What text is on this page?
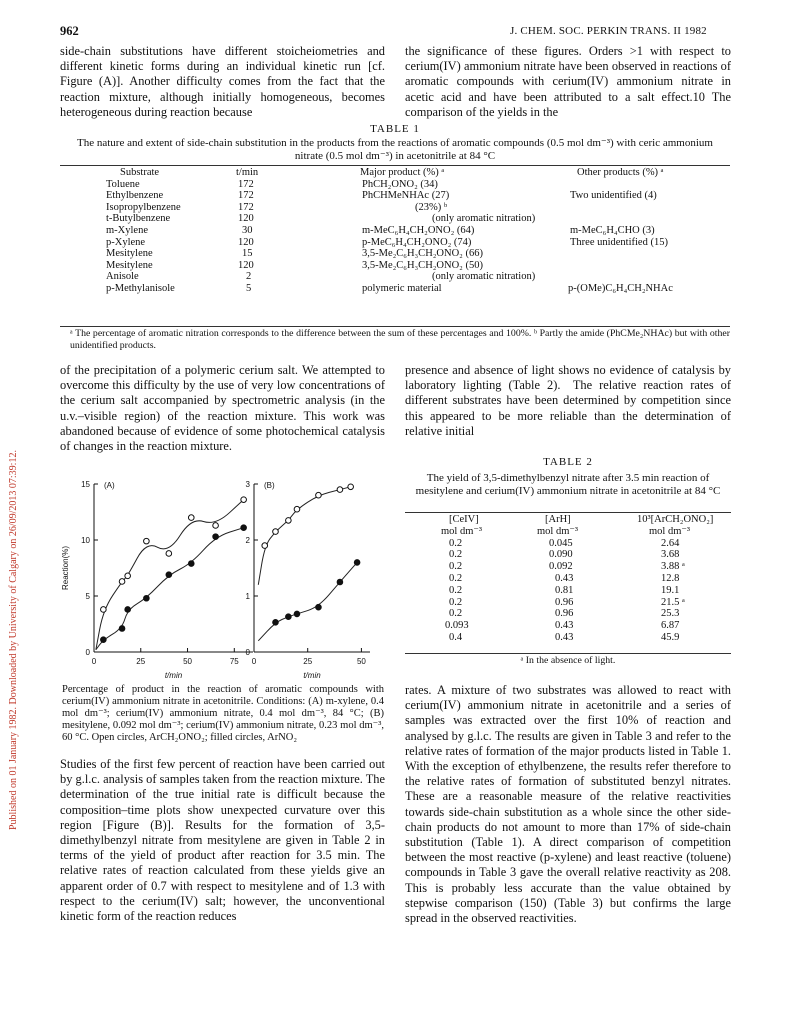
Published on 01 January 1982. Downloaded by University of Calgary on 26/09/2013 07:39:12.
962	J. CHEM. SOC. PERKIN TRANS. II 1982
side-chain substitutions have different stoicheiometries and different kinetic forms during an individual kinetic run [cf. Figure (A)]. Another difficulty comes from the fact that the reaction mixture, although initially homogeneous, becomes heterogeneous during reaction because
the significance of these figures. Orders >1 with respect to cerium(IV) ammonium nitrate have been observed in reactions of aromatic compounds with cerium(IV) ammonium nitrate in acetic acid and have been attributed to a salt effect.10 The comparison of the yields in the
TABLE 1
The nature and extent of side-chain substitution in the products from the reactions of aromatic compounds (0.5 mol dm⁻³) with ceric ammonium nitrate (0.5 mol dm⁻³) in acetonitrile at 84 °C
Substrate	t/min	Major product (%) ᵃ	Other products (%) ᵃ
Toluene	172	PhCH₂ONO₂ (34)
Ethylbenzene	172	PhCHMeNHAc (27)	Two unidentified (4)
Isopropylbenzene	172	(23%) ᵇ
t-Butylbenzene	120	(only aromatic nitration)
m-Xylene	30	m-MeC₆H₄CH₂ONO₂ (64)	m-MeC₆H₄CHO (3)
p-Xylene	120	p-MeC₆H₄CH₂ONO₂ (74)	Three unidentified (15)
Mesitylene	15	3,5-Me₂C₆H₃CH₂ONO₂ (66)
Mesitylene	120	3,5-Me₂C₆H₃CH₂ONO₂ (50)
Anisole	2	(only aromatic nitration)
p-Methylanisole	5	polymeric material	p-(OMe)C₆H₄CH₂NHAc
ᵃ The percentage of aromatic nitration corresponds to the difference between the sum of these percentages and 100%. ᵇ Partly the amide (PhCMe₂NHAc) but with other unidentified products.
of the precipitation of a polymeric cerium salt. We attempted to overcome this difficulty by the use of very low concentrations of the cerium salt accompanied by spectrometric analysis (in the u.v.–visible region) of the reaction mixture. This work was abandoned because of evidence of some photochemical catalysis of changes in the reaction mixture.
presence and absence of light shows no evidence of catalysis by laboratory lighting (Table 2). The relative reaction rates of different substrates have been determined by competition since this appeared to be more reliable than the determination of relative initial
0
5
10
15
0	25	50	75
(A)
t/min
Reaction(%)
0
1
2
3
0	25	50
(B)
t/min
Percentage of product in the reaction of aromatic compounds with cerium(IV) ammonium nitrate in acetonitrile. Conditions: (A) m-xylene, 0.4 mol dm⁻³; cerium(IV) ammonium nitrate, 0.4 mol dm⁻³, 84 °C; (B) mesitylene, 0.092 mol dm⁻³; cerium(IV) ammonium nitrate, 0.23 mol dm⁻³, 60 °C. Open circles, ArCH₂ONO₂; filled circles, ArNO₂
TABLE 2
The yield of 3,5-dimethylbenzyl nitrate after 3.5 min reaction of mesitylene and cerium(IV) ammonium nitrate in acetonitrile at 84 °C
[CeIV]	[ArH]	10³[ArCH₂ONO₂]
mol dm⁻³	mol dm⁻³	mol dm⁻³
0.2	0.045	2.64
0.2	0.090	3.68
0.2	0.092	3.88 ᵃ
0.2	0.43	12.8
0.2	0.81	19.1
0.2	0.96	21.5 ᵃ
0.2	0.96	25.3
0.093	0.43	6.87
0.4	0.43	45.9
ᵃ In the absence of light.
Studies of the first few percent of reaction have been carried out by g.l.c. analysis of samples taken from the reaction mixture. The determination of the true initial rate is difficult because the composition–time plots show unexpected curvature over this region [Figure (B)]. Results for the formation of 3,5-dimethylbenzyl nitrate from mesitylene are given in Table 2 in terms of the yield of product after reaction for 3.5 min. The relative rates of reaction calculated from these yields give an apparent order of 0.7 with respect to mesitylene and of 1.3 with respect to the cerium(IV) salt; however, the unconventional kinetic form of the reaction reduces
rates. A mixture of two substrates was allowed to react with cerium(IV) ammonium nitrate in acetonitrile and a series of samples was extracted over the first 10% of reaction and analysed by g.l.c. The results are given in Table 3 and refer to the relative rates of formation of the major products listed in Table 1. With the exception of ethylbenzene, the results refer therefore to the relative rates of formation of substituted benzyl nitrates. These are a reasonable measure of the relative reactivities towards side-chain substitution as a whole since the other side-chain products do not amount to more than 17% of side-chain substitution (Table 1). A direct comparison of competition between the most reactive (p-xylene) and least reactive (toluene) compounds in Table 3 gave the overall relative reactivity as 208. This is probably less accurate than the value obtained by stepwise comparison (150) (Table 3) but confirms the large spread in the observed reactivities.
